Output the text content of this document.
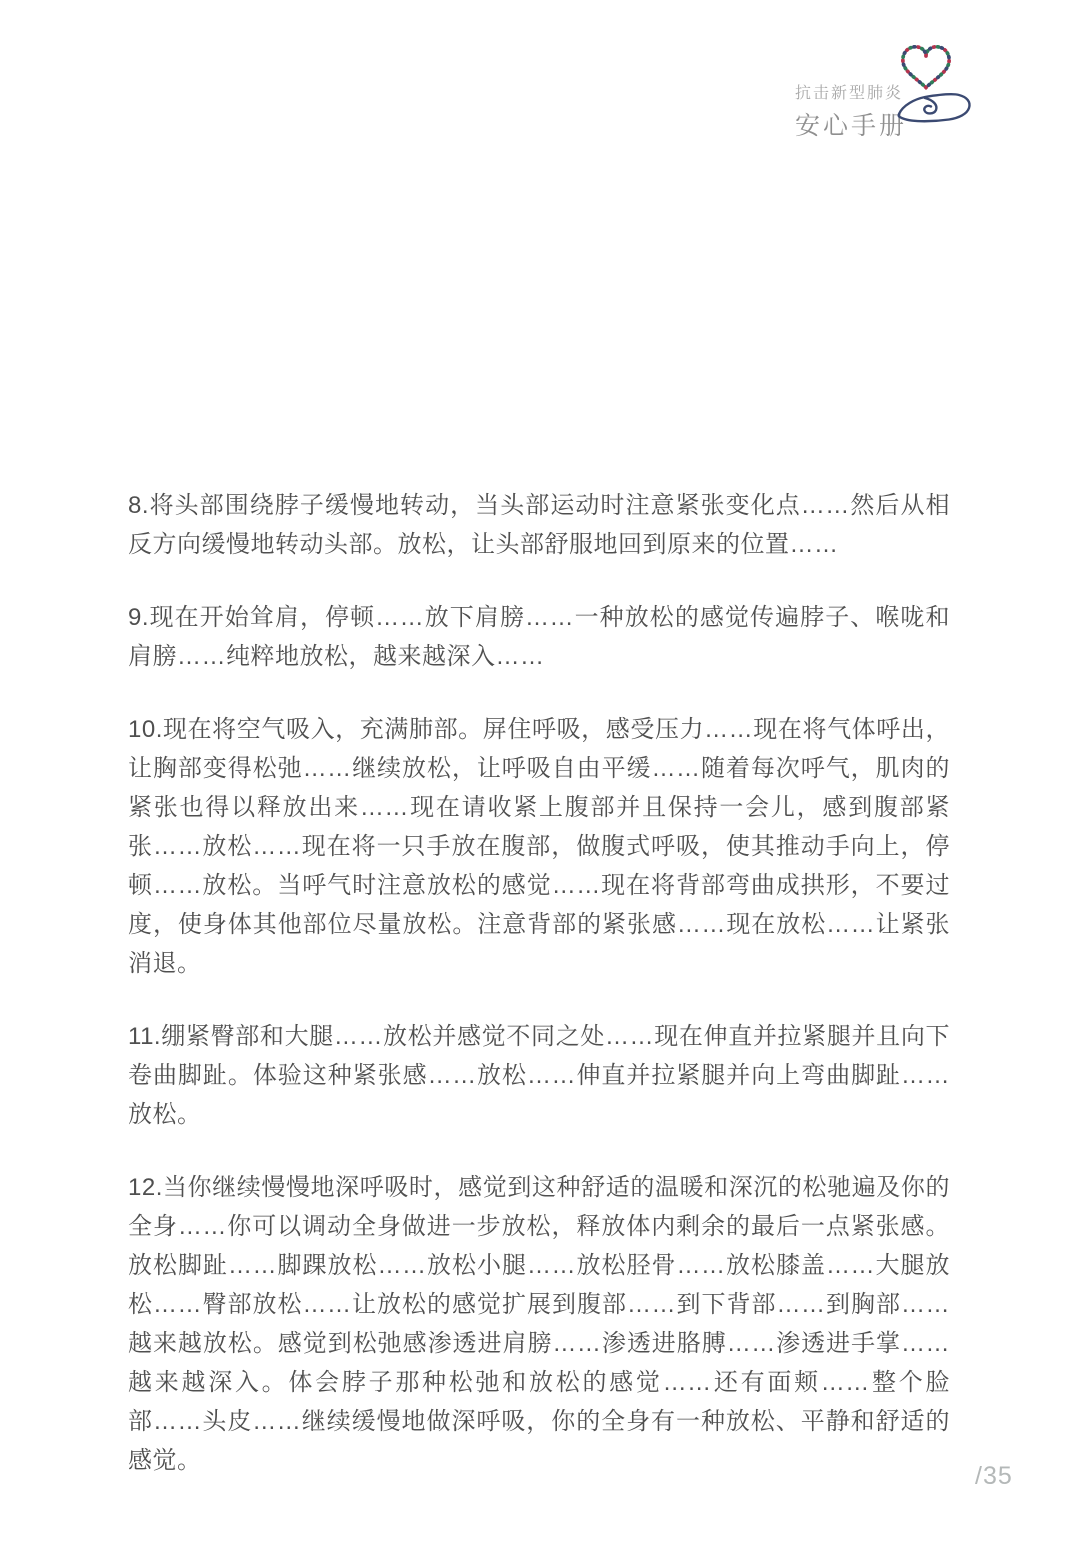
抗击新型肺炎
安心手册

8.将头部围绕脖子缓慢地转动，当头部运动时注意紧张变化点……然后从相反方向缓慢地转动头部。放松，让头部舒服地回到原来的位置……

9.现在开始耸肩，停顿……放下肩膀……一种放松的感觉传遍脖子、喉咙和肩膀……纯粹地放松，越来越深入……

10.现在将空气吸入，充满肺部。屏住呼吸，感受压力……现在将气体呼出，让胸部变得松弛……继续放松，让呼吸自由平缓……随着每次呼气，肌肉的紧张也得以释放出来……现在请收紧上腹部并且保持一会儿，感到腹部紧张……放松……现在将一只手放在腹部，做腹式呼吸，使其推动手向上，停顿……放松。当呼气时注意放松的感觉……现在将背部弯曲成拱形，不要过度，使身体其他部位尽量放松。注意背部的紧张感……现在放松……让紧张消退。

11.绷紧臀部和大腿……放松并感觉不同之处……现在伸直并拉紧腿并且向下卷曲脚趾。体验这种紧张感……放松……伸直并拉紧腿并向上弯曲脚趾……放松。

12.当你继续慢慢地深呼吸时，感觉到这种舒适的温暖和深沉的松驰遍及你的全身……你可以调动全身做进一步放松，释放体内剩余的最后一点紧张感。放松脚趾……脚踝放松……放松小腿……放松胫骨……放松膝盖……大腿放松……臀部放松……让放松的感觉扩展到腹部……到下背部……到胸部……越来越放松。感觉到松弛感渗透进肩膀……渗透进胳膊……渗透进手掌……越来越深入。体会脖子那种松弛和放松的感觉……还有面颊……整个脸部……头皮……继续缓慢地做深呼吸，你的全身有一种放松、平静和舒适的感觉。

/35
